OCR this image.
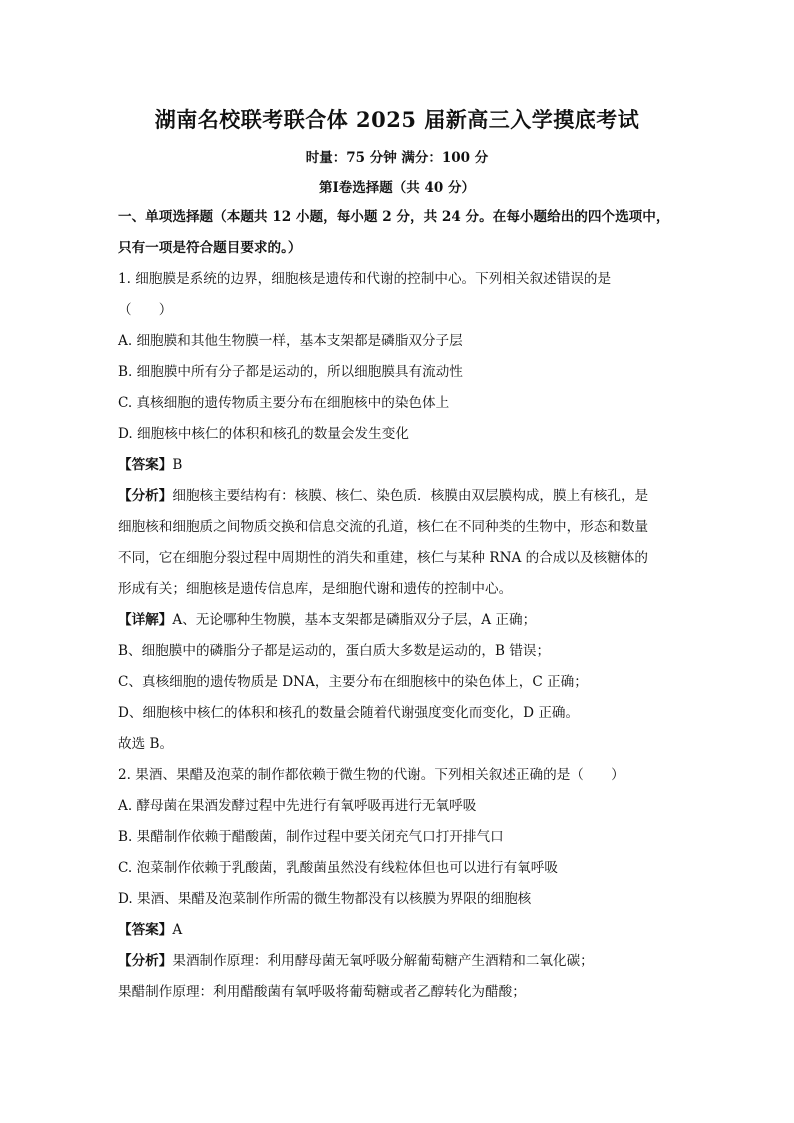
湖南名校联考联合体 2025 届新高三入学摸底考试
时量：75 分钟 满分：100 分
第Ⅰ卷选择题（共 40 分）
一、单项选择题（本题共 12 小题，每小题 2 分，共 24 分。在每小题给出的四个选项中，
只有一项是符合题目要求的。）
1. 细胞膜是系统的边界，细胞核是遗传和代谢的控制中心。下列相关叙述错误的是
（　　）
A. 细胞膜和其他生物膜一样，基本支架都是磷脂双分子层
B. 细胞膜中所有分子都是运动的，所以细胞膜具有流动性
C. 真核细胞的遗传物质主要分布在细胞核中的染色体上
D. 细胞核中核仁的体积和核孔的数量会发生变化
【答案】B
【分析】细胞核主要结构有：核膜、核仁、染色质．核膜由双层膜构成，膜上有核孔，是
细胞核和细胞质之间物质交换和信息交流的孔道，核仁在不同种类的生物中，形态和数量
不同，它在细胞分裂过程中周期性的消失和重建，核仁与某种 RNA 的合成以及核糖体的
形成有关；细胞核是遗传信息库，是细胞代谢和遗传的控制中心。
【详解】A、无论哪种生物膜，基本支架都是磷脂双分子层，A 正确；
B、细胞膜中的磷脂分子都是运动的，蛋白质大多数是运动的，B 错误；
C、真核细胞的遗传物质是 DNA，主要分布在细胞核中的染色体上，C 正确；
D、细胞核中核仁的体积和核孔的数量会随着代谢强度变化而变化，D 正确。
故选 B。
2. 果酒、果醋及泡菜的制作都依赖于微生物的代谢。下列相关叙述正确的是（　　）
A. 酵母菌在果酒发酵过程中先进行有氧呼吸再进行无氧呼吸
B. 果醋制作依赖于醋酸菌，制作过程中要关闭充气口打开排气口
C. 泡菜制作依赖于乳酸菌，乳酸菌虽然没有线粒体但也可以进行有氧呼吸
D. 果酒、果醋及泡菜制作所需的微生物都没有以核膜为界限的细胞核
【答案】A
【分析】果酒制作原理：利用酵母菌无氧呼吸分解葡萄糖产生酒精和二氧化碳；
果醋制作原理：利用醋酸菌有氧呼吸将葡萄糖或者乙醇转化为醋酸；
